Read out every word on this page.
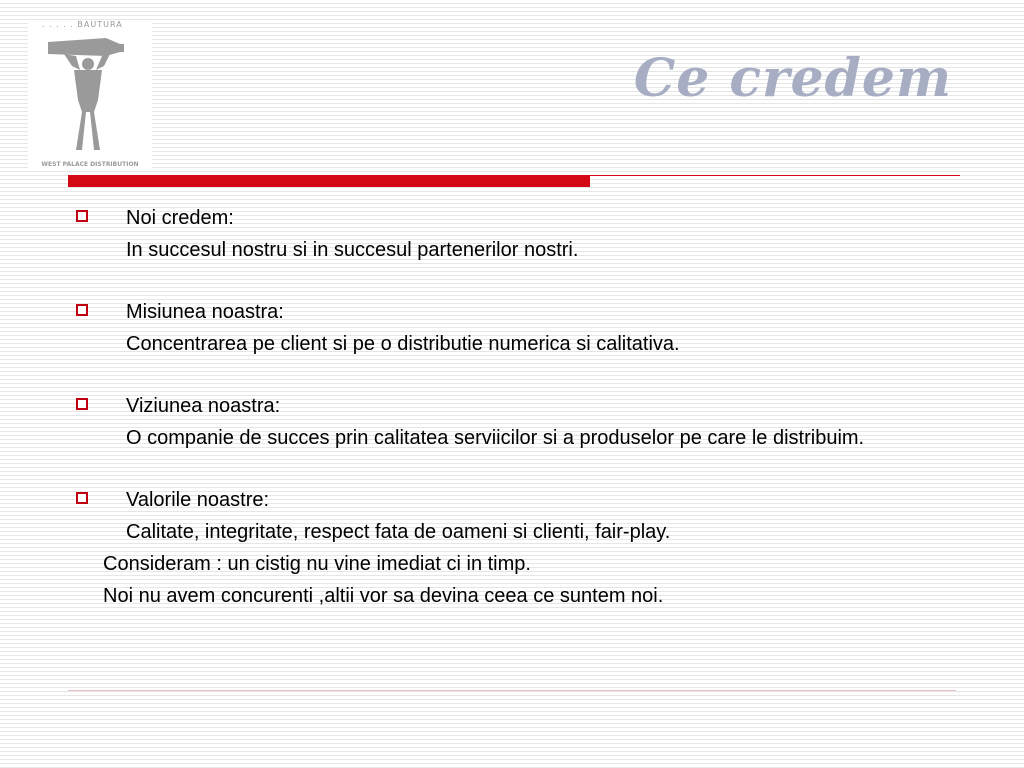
. . . . . BAUTURA
WEST PALACE DISTRIBUTION
Ce credem
Noi credem:
In succesul nostru si in succesul partenerilor nostri.
Misiunea noastra:
Concentrarea pe client si pe o distributie numerica si calitativa.
Viziunea noastra:
O companie de succes prin calitatea serviicilor si a produselor pe care le distribuim.
Valorile noastre:
Calitate, integritate, respect fata de oameni si clienti, fair-play.
Consideram : un cistig nu vine imediat ci in timp.
Noi nu avem concurenti ,altii vor sa devina ceea ce suntem noi.
